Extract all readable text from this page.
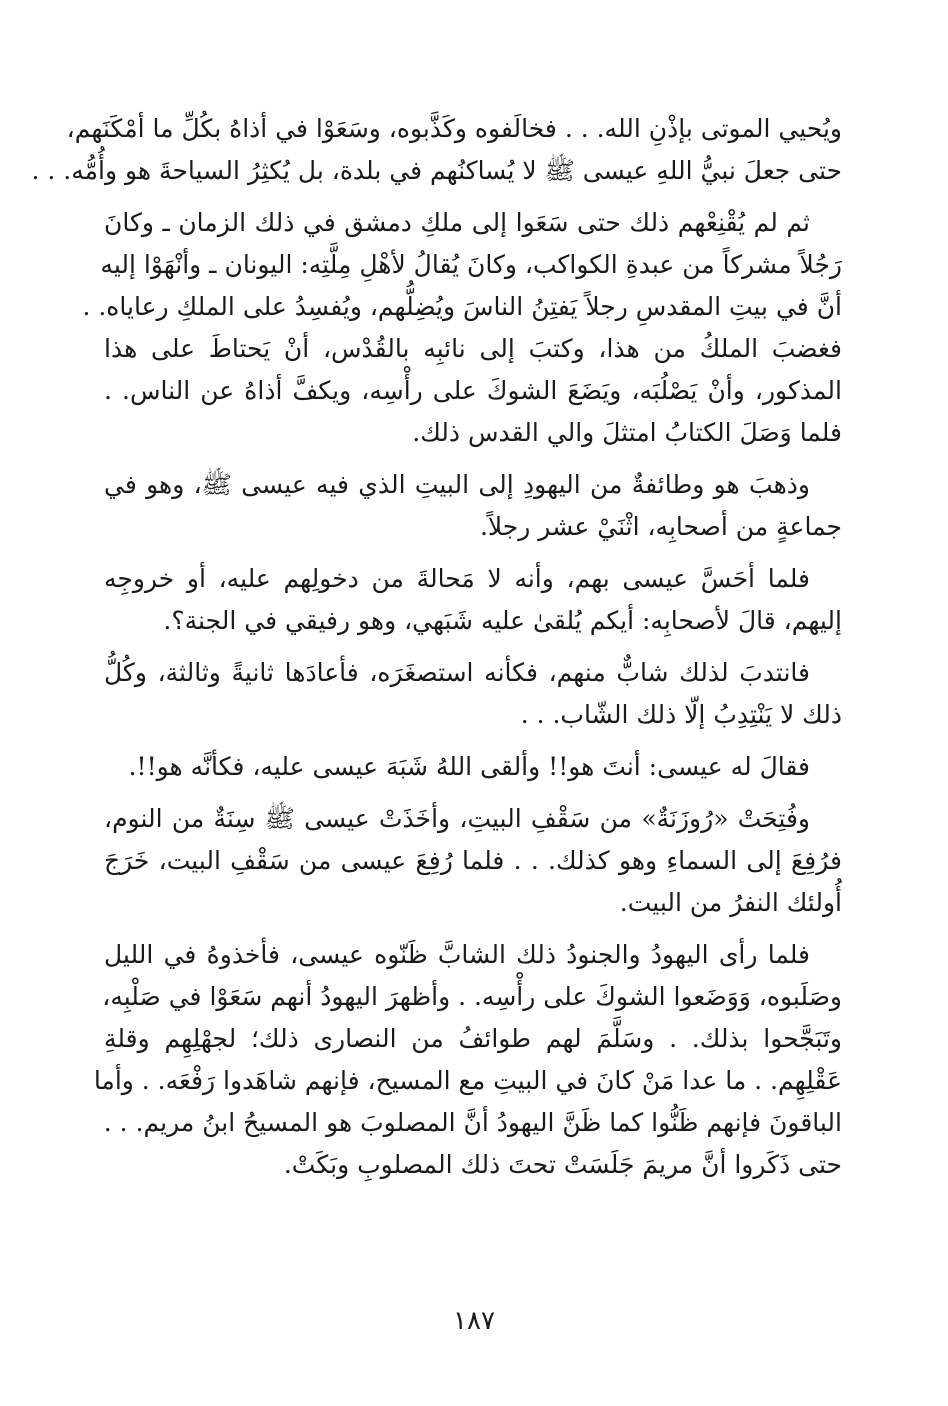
ويُحيي الموتى بإذْنِ الله. . . فخالَفوه وكَذَّبوه، وسَعَوْا في أذاهُ بكُلِّ ما أمْكَنَهم،
حتى جعلَ نبيُّ اللهِ عيسى ﷺ لا يُساكنُهم في بلدة، بل يُكثِرُ السياحةَ هو وأُمُّه. . .
ثم لم يُقْنِعْهم ذلك حتى سَعَوا إلى ملكِ دمشق في ذلك الزمان ـ وكانَ
رَجُلاً مشركاً من عبدةِ الكواكب، وكانَ يُقالُ لأهْلِ مِلَّتِه: اليونان ـ وأنْهَوْا إليه
أنَّ في بيتِ المقدسِ رجلاً يَفتِنُ الناسَ ويُضِلُّهم، ويُفسِدُ على الملكِ رعاياه. .
فغضبَ الملكُ من هذا، وكتبَ إلى نائبِه بالقُدْس، أنْ يَحتاطَ على هذا
المذكور، وأنْ يَصْلُبَه، ويَضَعَ الشوكَ على رأْسِه، ويكفَّ أذاهُ عن الناس. .
فلما وَصَلَ الكتابُ امتثلَ والي القدس ذلك.
وذهبَ هو وطائفةٌ من اليهودِ إلى البيتِ الذي فيه عيسى ﷺ، وهو في
جماعةٍ من أصحابِه، اثْنَيْ عشر رجلاً.
فلما أحَسَّ عيسى بهم، وأنه لا مَحالةَ من دخولِهم عليه، أو خروجِه
إليهم، قالَ لأصحابِه: أيكم يُلقىٰ عليه شَبَهي، وهو رفيقي في الجنة؟.
فانتدبَ لذلك شابٌّ منهم، فكأنه استصغَرَه، فأعادَها ثانيةً وثالثة، وكُلُّ
ذلك لا يَنْتِدِبُ إلّا ذلك الشّاب. . .
فقالَ له عيسى: أنتَ هو!! وألقى اللهُ شَبَهَ عيسى عليه، فكأنَّه هو!!.
وفُتِحَتْ «رُوزَنَةٌ» من سَقْفِ البيتِ، وأخَذَتْ عيسى ﷺ سِنَةٌ من النوم،
فرُفِعَ إلى السماءِ وهو كذلك. . . فلما رُفِعَ عيسى من سَقْفِ البيت، خَرَجَ
أُولئك النفرُ من البيت.
فلما رأى اليهودُ والجنودُ ذلك الشابَّ ظَنّوه عيسى، فأخذوهُ في الليل
وصَلَبوه، وَوَضَعوا الشوكَ على رأْسِه. . وأظهرَ اليهودُ أنهم سَعَوْا في صَلْبِه،
وتَبَجَّحوا بذلك. . وسَلَّمَ لهم طوائفُ من النصارى ذلك؛ لجهْلِهِم وقلةِ
عَقْلِهِم. . ما عدا مَنْ كانَ في البيتِ مع المسيح، فإنهم شاهَدوا رَفْعَه. . وأما
الباقونَ فإنهم ظَنُّوا كما ظَنَّ اليهودُ أنَّ المصلوبَ هو المسيحُ ابنُ مريم. . .
حتى ذَكَروا أنَّ مريمَ جَلَسَتْ تحتَ ذلك المصلوبِ وبَكَتْ.
١٨٧
